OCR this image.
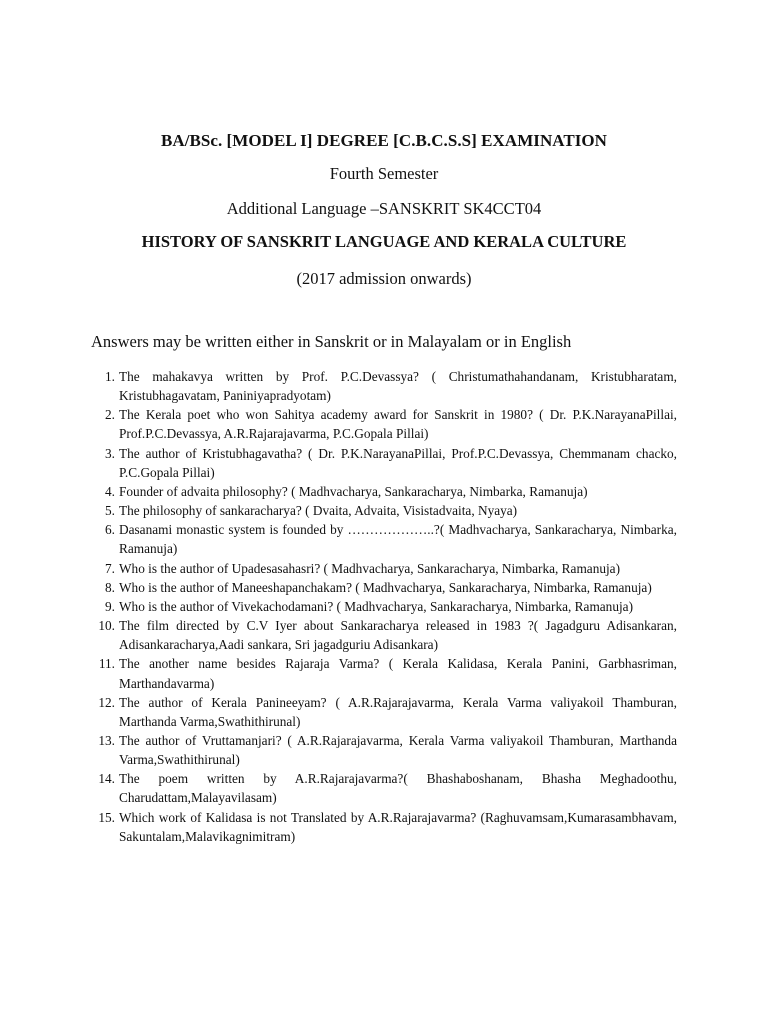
BA/BSc. [MODEL I] DEGREE [C.B.C.S.S] EXAMINATION
Fourth Semester
Additional Language –SANSKRIT SK4CCT04
HISTORY OF SANSKRIT LANGUAGE AND KERALA CULTURE
(2017 admission onwards)
Answers may be written either in Sanskrit or in Malayalam or in English
1. The mahakavya written by Prof. P.C.Devassya? ( Christumathahandanam, Kristubharatam, Kristubhagavatam, Paniniyapradyotam)
2. The Kerala poet who won Sahitya academy award for Sanskrit in 1980? ( Dr. P.K.NarayanaPillai, Prof.P.C.Devassya, A.R.Rajarajavarma, P.C.Gopala Pillai)
3. The author of Kristubhagavatha? ( Dr. P.K.NarayanaPillai, Prof.P.C.Devassya, Chemmanam chacko, P.C.Gopala Pillai)
4. Founder of advaita philosophy? ( Madhvacharya, Sankaracharya, Nimbarka, Ramanuja)
5. The philosophy of sankaracharya? ( Dvaita, Advaita, Visistadvaita, Nyaya)
6. Dasanami monastic system is founded by ………………..?( Madhvacharya, Sankaracharya, Nimbarka, Ramanuja)
7. Who is the author of Upadesasahasri? ( Madhvacharya, Sankaracharya, Nimbarka, Ramanuja)
8. Who is the author of Maneeshapanchakam? ( Madhvacharya, Sankaracharya, Nimbarka, Ramanuja)
9. Who is the author of Vivekachodamani? ( Madhvacharya, Sankaracharya, Nimbarka, Ramanuja)
10. The film directed by C.V Iyer about Sankaracharya released in 1983 ?( Jagadguru Adisankaran, Adisankaracharya,Aadi sankara, Sri jagadguriu Adisankara)
11. The another name besides Rajaraja Varma? ( Kerala Kalidasa, Kerala Panini, Garbhasriman, Marthandavarma)
12. The author of Kerala Panineeyam? ( A.R.Rajarajavarma, Kerala Varma valiyakoil Thamburan, Marthanda Varma,Swathithirunal)
13. The author of Vruttamanjari? ( A.R.Rajarajavarma, Kerala Varma valiyakoil Thamburan, Marthanda Varma,Swathithirunal)
14. The poem written by A.R.Rajarajavarma?( Bhashaboshanam, Bhasha Meghadoothu, Charudattam,Malayavilasam)
15. Which work of Kalidasa is not Translated by A.R.Rajarajavarma? (Raghuvamsam,Kumarasambhavam, Sakuntalam,Malavikagnimitram)
